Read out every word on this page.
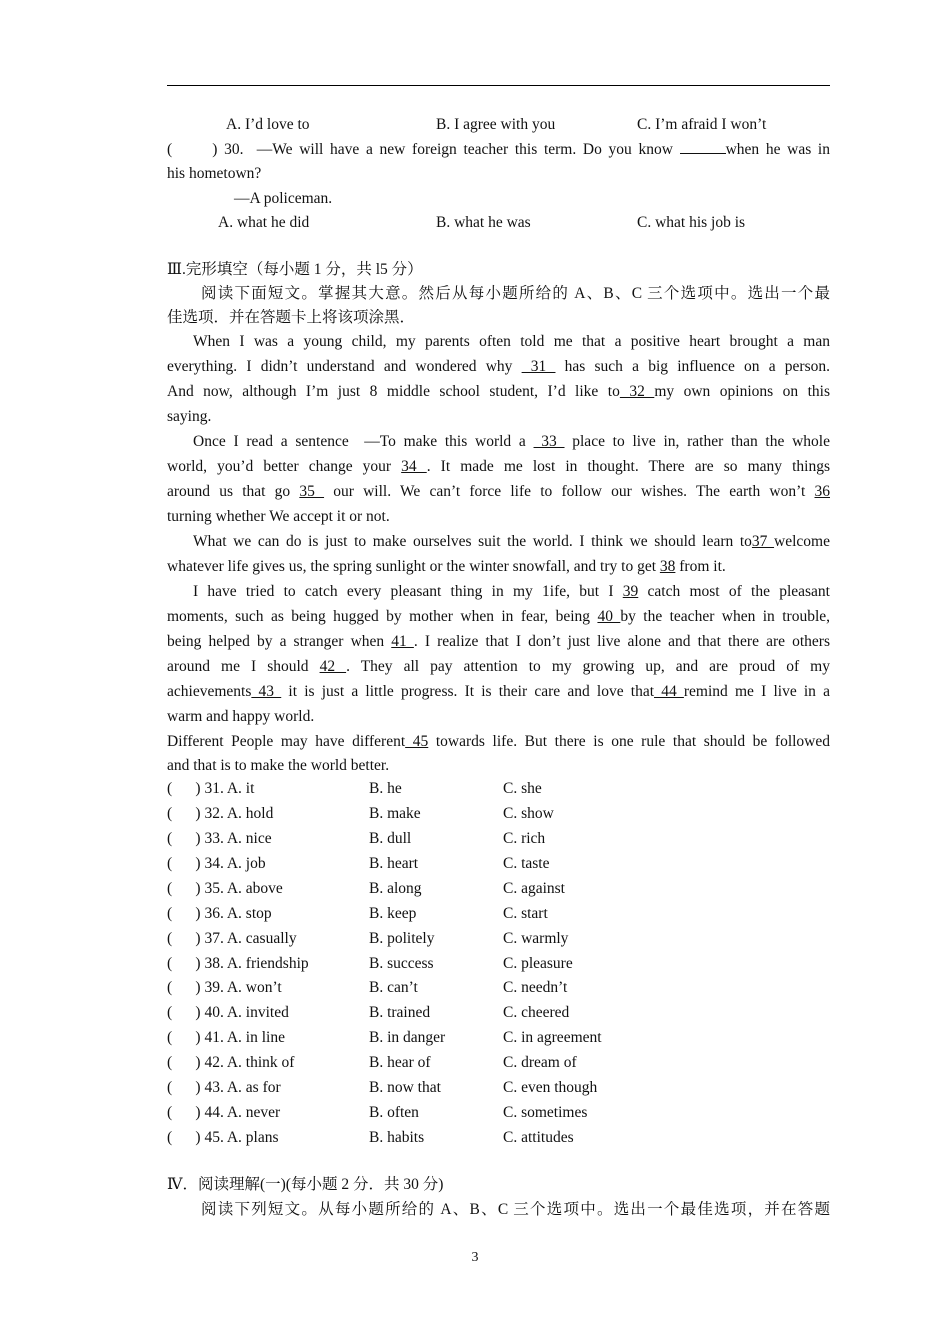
A. I’d love to	B. I agree with you	C. I’m afraid I won’t
(      ) 30.  —We will have a new foreign teacher this term. Do you know	when he was in
his hometown?
—A policeman.
A. what he did	B. what he was	C. what his job is
Ⅲ.完形填空（每小题 1 分，共 l5 分）
阅读下面短文。掌握其大意。然后从每小题所给的 A、B、C 三个选项中。选出一个最
佳选项．并在答题卡上将该项涂黑．
When I was a young child, my parents often told me that a positive heart brought a man
everything. I didn’t understand and wondered why  31  has such a big influence on a person.
And now, although I’m just 8 middle school student, I’d like to 32 my own opinions on this
saying.
Once I read a sentence  —To make this world a  33  place to live in, rather than the whole
world, you’d better change your 34 . It made me lost in thought. There are so many things
around us that go 35  our will. We can’t force life to follow our wishes. The earth won’t 36
turning whether We accept it or not.
What we can do is just to make ourselves suit the world. I think we should learn to37 welcome
whatever life gives us, the spring sunlight or the winter snowfall, and try to get 38 from it.
I have tried to catch every pleasant thing in my 1ife, but I 39 catch most of the pleasant
moments, such as being hugged by mother when in fear, being 40 by the teacher when in trouble,
being helped by a stranger when 41 . I realize that I don’t just live alone and that there are others
around me I should 42 . They all pay attention to my growing up, and are proud of my
achievements 43  it is just a little progress. It is their care and love that 44 remind me I live in a
warm and happy world.
Different People may have different 45 towards life. But there is one rule that should be followed
and that is to make the world better.
(      ) 31. A. it	B. he	C. she
(      ) 32. A. hold	B. make	C. show
(      ) 33. A. nice	B. dull	C. rich
(      ) 34. A. job	B. heart	C. taste
(      ) 35. A. above	B. along	C. against
(      ) 36. A. stop	B. keep	C. start
(      ) 37. A. casually	B. politely	C. warmly
(      ) 38. A. friendship	B. success	C. pleasure
(      ) 39. A. won’t	B. can’t	C. needn’t
(      ) 40. A. invited	B. trained	C. cheered
(      ) 41. A. in line	B. in danger	C. in agreement
(      ) 42. A. think of	B. hear of	C. dream of
(      ) 43. A. as for	B. now that	C. even though
(      ) 44. A. never	B. often	C. sometimes
(      ) 45. A. plans	B. habits	C. attitudes
Ⅳ．阅读理解(一)(每小题 2 分．共 30 分)
阅读下列短文。从每小题所给的 A、B、C 三个选项中。选出一个最佳选项，并在答题
3
